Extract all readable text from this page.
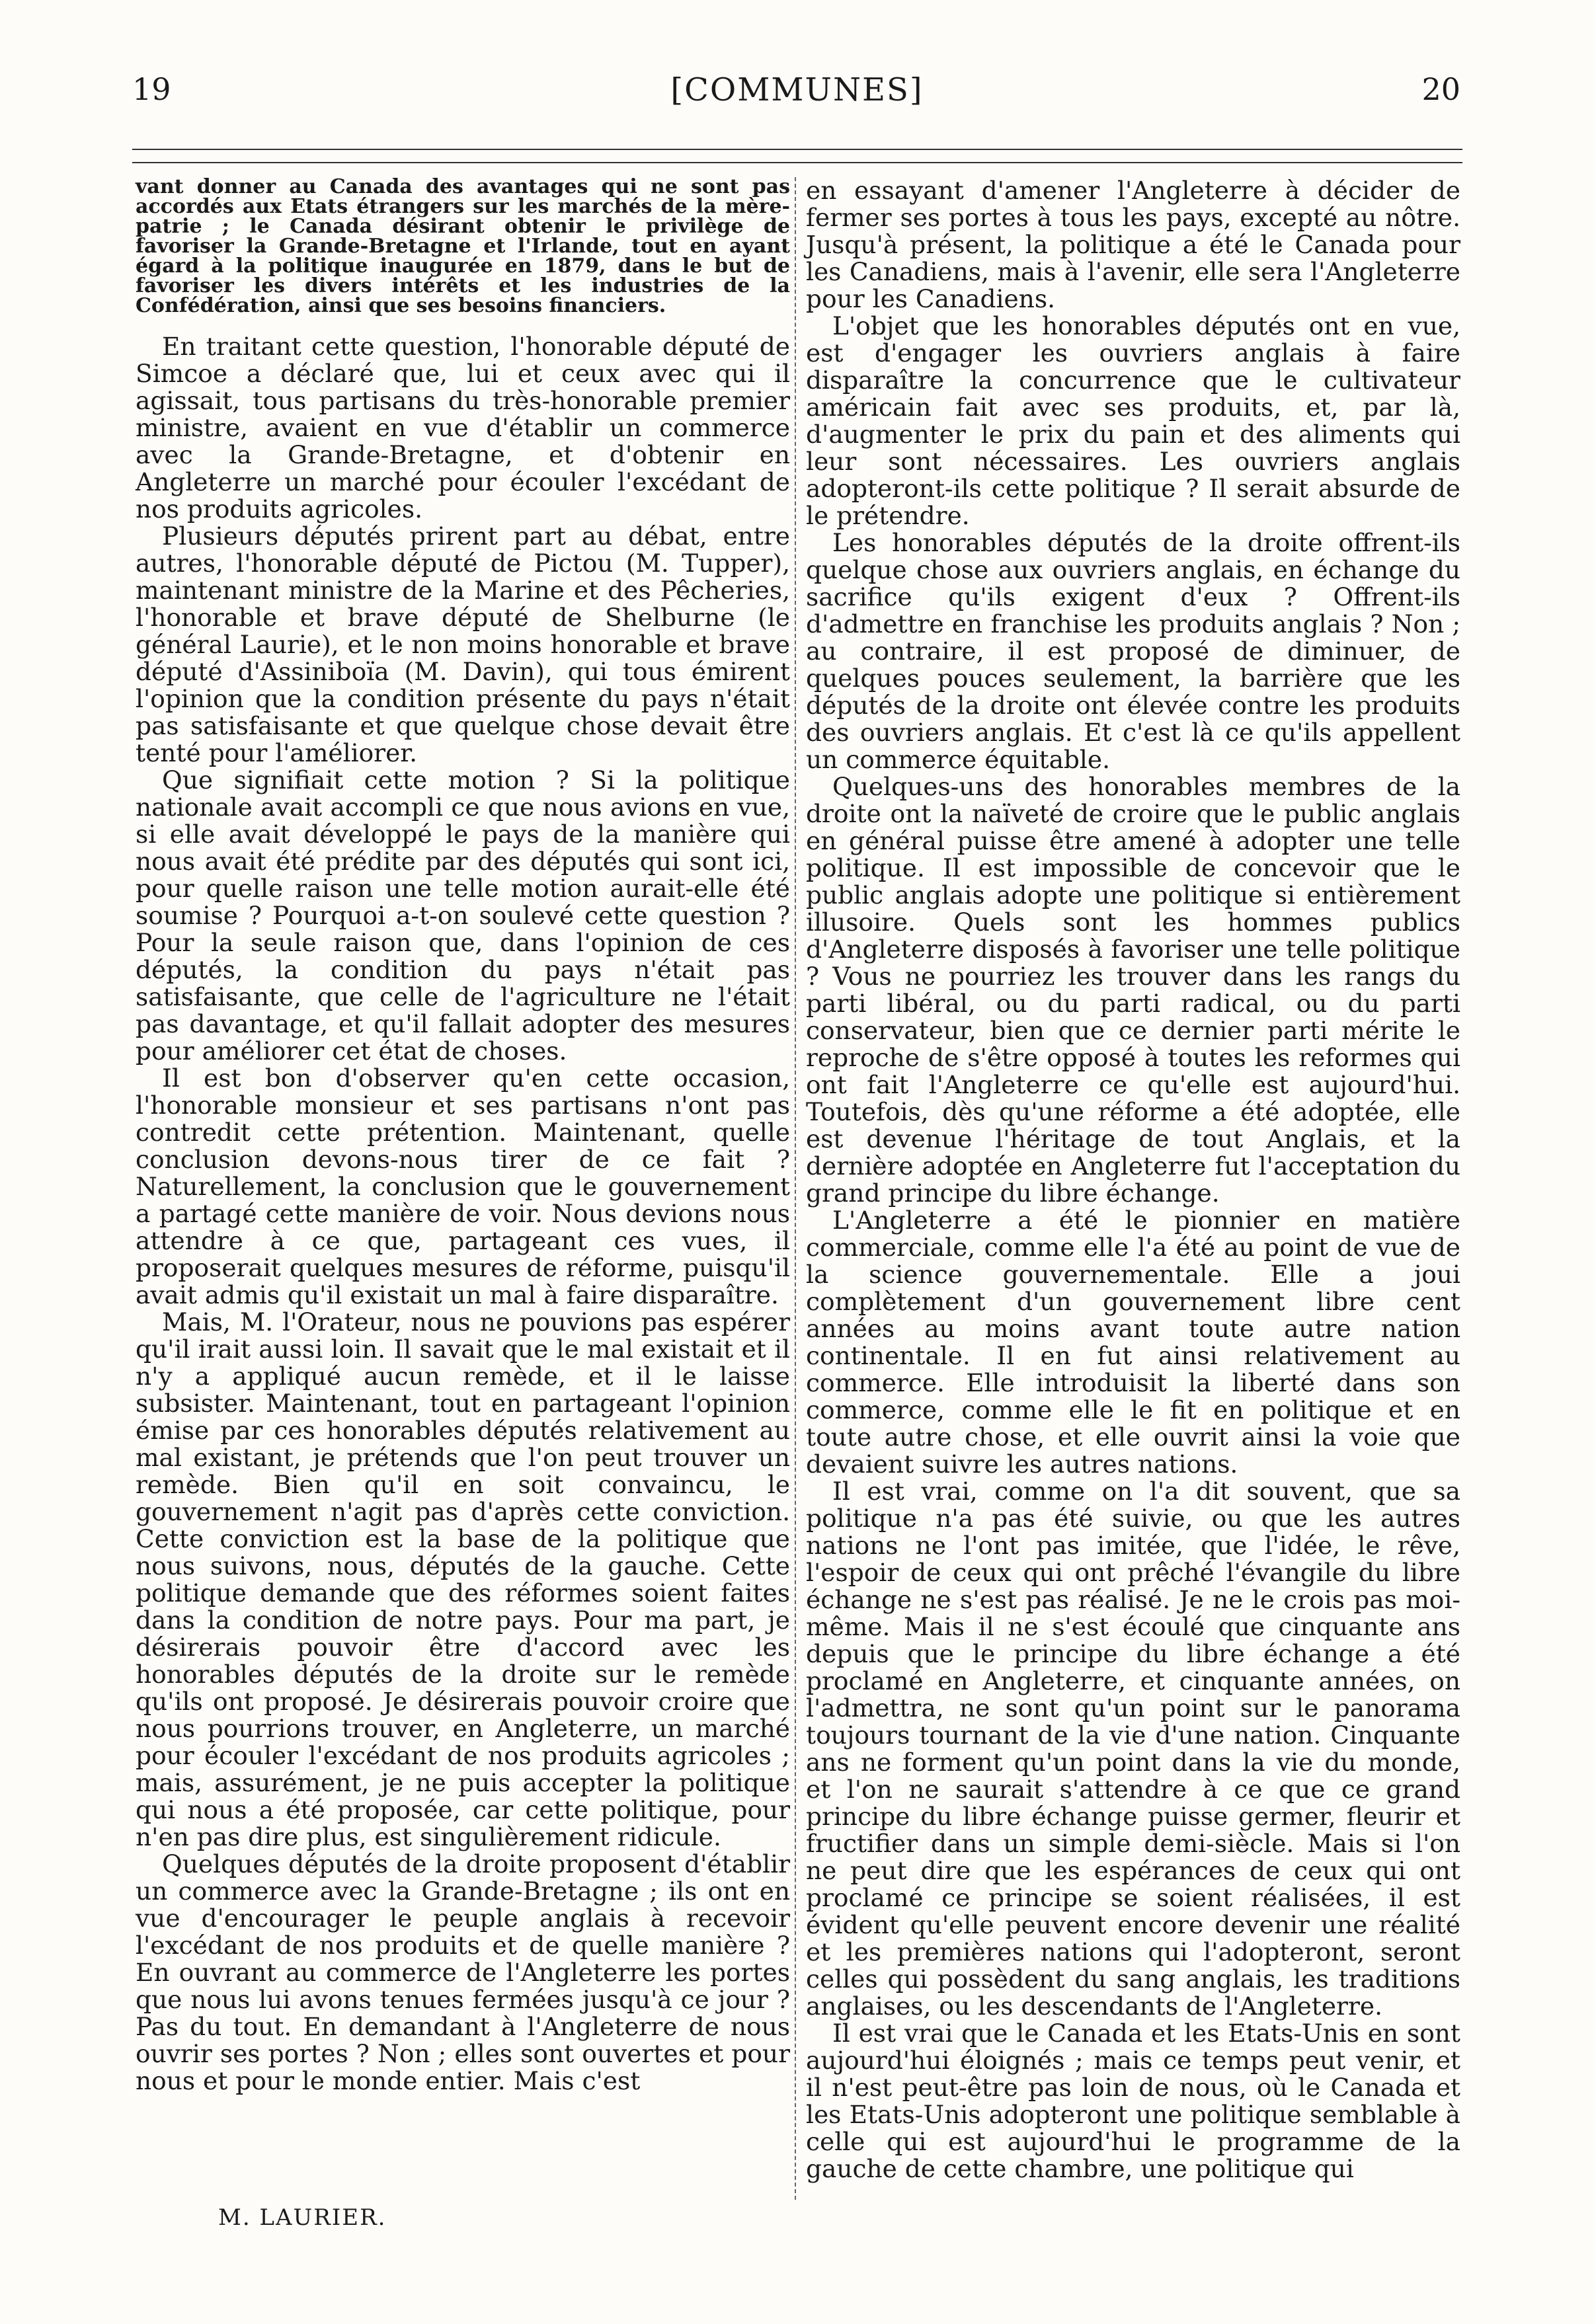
19	[COMMUNES]	20

vant donner au Canada des avantages qui ne sont pas accordés aux Etats étrangers sur les marchés de la mère-patrie ; le Canada désirant obtenir le privilège de favoriser la Grande-Bretagne et l'Irlande, tout en ayant égard à la politique inaugurée en 1879, dans le but de favoriser les divers intérêts et les industries de la Confédération, ainsi que ses besoins financiers.

En traitant cette question, l'honorable député de Simcoe a déclaré que, lui et ceux avec qui il agissait, tous partisans du très-honorable premier ministre, avaient en vue d'établir un commerce avec la Grande-Bretagne, et d'obtenir en Angleterre un marché pour écouler l'excédant de nos produits agricoles.

Plusieurs députés prirent part au débat, entre autres, l'honorable député de Pictou (M. Tupper), maintenant ministre de la Marine et des Pêcheries, l'honorable et brave député de Shelburne (le général Laurie), et le non moins honorable et brave député d'Assiniboïa (M. Davin), qui tous émirent l'opinion que la condition présente du pays n'était pas satisfaisante et que quelque chose devait être tenté pour l'améliorer.

Que signifiait cette motion ? Si la politique nationale avait accompli ce que nous avions en vue, si elle avait développé le pays de la manière qui nous avait été prédite par des députés qui sont ici, pour quelle raison une telle motion aurait-elle été soumise ? Pourquoi a-t-on soulevé cette question ? Pour la seule raison que, dans l'opinion de ces députés, la condition du pays n'était pas satisfaisante, que celle de l'agriculture ne l'était pas davantage, et qu'il fallait adopter des mesures pour améliorer cet état de choses.

Il est bon d'observer qu'en cette occasion, l'honorable monsieur et ses partisans n'ont pas contredit cette prétention. Maintenant, quelle conclusion devons-nous tirer de ce fait ? Naturellement, la conclusion que le gouvernement a partagé cette manière de voir. Nous devions nous attendre à ce que, partageant ces vues, il proposerait quelques mesures de réforme, puisqu'il avait admis qu'il existait un mal à faire disparaître.

Mais, M. l'Orateur, nous ne pouvions pas espérer qu'il irait aussi loin. Il savait que le mal existait et il n'y a appliqué aucun remède, et il le laisse subsister. Maintenant, tout en partageant l'opinion émise par ces honorables députés relativement au mal existant, je prétends que l'on peut trouver un remède. Bien qu'il en soit convaincu, le gouvernement n'agit pas d'après cette conviction. Cette conviction est la base de la politique que nous suivons, nous, députés de la gauche. Cette politique demande que des réformes soient faites dans la condition de notre pays. Pour ma part, je désirerais pouvoir être d'accord avec les honorables députés de la droite sur le remède qu'ils ont proposé. Je désirerais pouvoir croire que nous pourrions trouver, en Angleterre, un marché pour écouler l'excédant de nos produits agricoles ; mais, assurément, je ne puis accepter la politique qui nous a été proposée, car cette politique, pour n'en pas dire plus, est singulièrement ridicule.

Quelques députés de la droite proposent d'établir un commerce avec la Grande-Bretagne ; ils ont en vue d'encourager le peuple anglais à recevoir l'excédant de nos produits et de quelle manière ? En ouvrant au commerce de l'Angleterre les portes que nous lui avons tenues fermées jusqu'à ce jour ? Pas du tout. En demandant à l'Angleterre de nous ouvrir ses portes ? Non ; elles sont ouvertes et pour nous et pour le monde entier. Mais c'est

en essayant d'amener l'Angleterre à décider de fermer ses portes à tous les pays, excepté au nôtre. Jusqu'à présent, la politique a été le Canada pour les Canadiens, mais à l'avenir, elle sera l'Angleterre pour les Canadiens.

L'objet que les honorables députés ont en vue, est d'engager les ouvriers anglais à faire disparaître la concurrence que le cultivateur américain fait avec ses produits, et, par là, d'augmenter le prix du pain et des aliments qui leur sont nécessaires. Les ouvriers anglais adopteront-ils cette politique ? Il serait absurde de le prétendre.

Les honorables députés de la droite offrent-ils quelque chose aux ouvriers anglais, en échange du sacrifice qu'ils exigent d'eux ? Offrent-ils d'admettre en franchise les produits anglais ? Non ; au contraire, il est proposé de diminuer, de quelques pouces seulement, la barrière que les députés de la droite ont élevée contre les produits des ouvriers anglais. Et c'est là ce qu'ils appellent un commerce équitable.

Quelques-uns des honorables membres de la droite ont la naïveté de croire que le public anglais en général puisse être amené à adopter une telle politique. Il est impossible de concevoir que le public anglais adopte une politique si entièrement illusoire. Quels sont les hommes publics d'Angleterre disposés à favoriser une telle politique ? Vous ne pourriez les trouver dans les rangs du parti libéral, ou du parti radical, ou du parti conservateur, bien que ce dernier parti mérite le reproche de s'être opposé à toutes les reformes qui ont fait l'Angleterre ce qu'elle est aujourd'hui. Toutefois, dès qu'une réforme a été adoptée, elle est devenue l'héritage de tout Anglais, et la dernière adoptée en Angleterre fut l'acceptation du grand principe du libre échange.

L'Angleterre a été le pionnier en matière commerciale, comme elle l'a été au point de vue de la science gouvernementale. Elle a joui complètement d'un gouvernement libre cent années au moins avant toute autre nation continentale. Il en fut ainsi relativement au commerce. Elle introduisit la liberté dans son commerce, comme elle le fit en politique et en toute autre chose, et elle ouvrit ainsi la voie que devaient suivre les autres nations.

Il est vrai, comme on l'a dit souvent, que sa politique n'a pas été suivie, ou que les autres nations ne l'ont pas imitée, que l'idée, le rêve, l'espoir de ceux qui ont prêché l'évangile du libre échange ne s'est pas réalisé. Je ne le crois pas moi-même. Mais il ne s'est écoulé que cinquante ans depuis que le principe du libre échange a été proclamé en Angleterre, et cinquante années, on l'admettra, ne sont qu'un point sur le panorama toujours tournant de la vie d'une nation. Cinquante ans ne forment qu'un point dans la vie du monde, et l'on ne saurait s'attendre à ce que ce grand principe du libre échange puisse germer, fleurir et fructifier dans un simple demi-siècle. Mais si l'on ne peut dire que les espérances de ceux qui ont proclamé ce principe se soient réalisées, il est évident qu'elle peuvent encore devenir une réalité et les premières nations qui l'adopteront, seront celles qui possèdent du sang anglais, les traditions anglaises, ou les descendants de l'Angleterre.

Il est vrai que le Canada et les Etats-Unis en sont aujourd'hui éloignés ; mais ce temps peut venir, et il n'est peut-être pas loin de nous, où le Canada et les Etats-Unis adopteront une politique semblable à celle qui est aujourd'hui le programme de la gauche de cette chambre, une politique qui

M. LAURIER.
